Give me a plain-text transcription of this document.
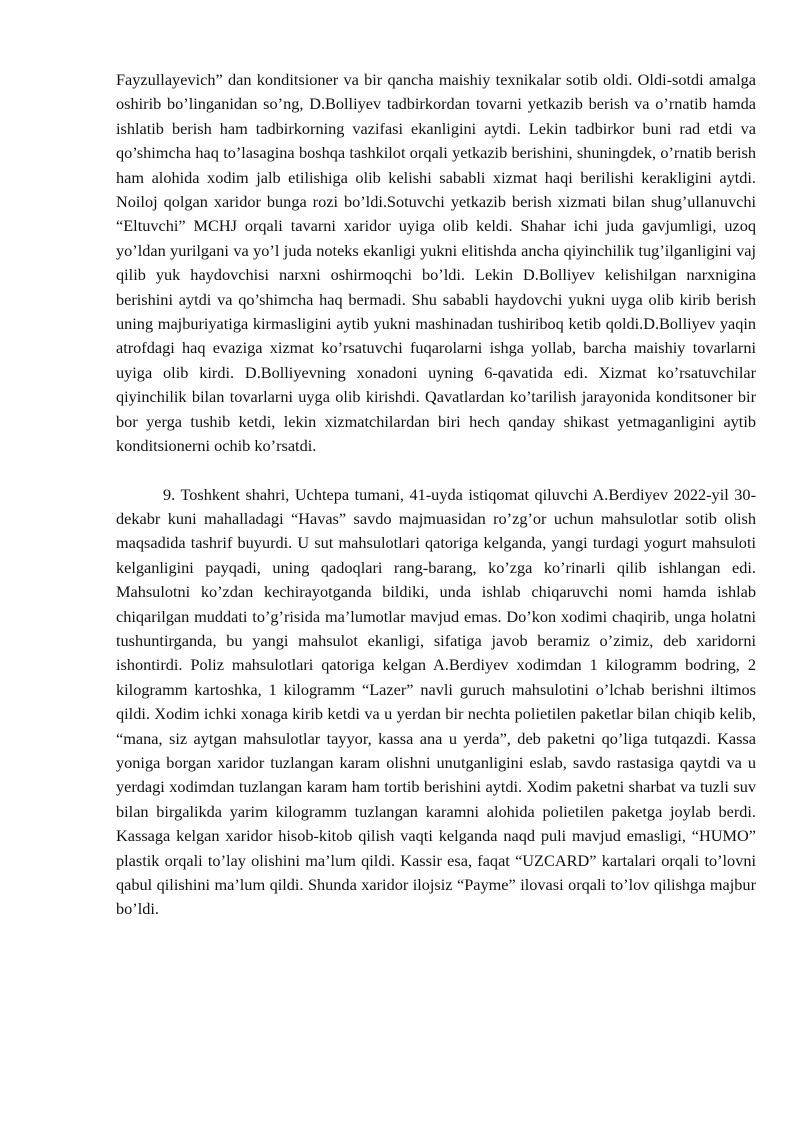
Fayzullayevich” dan konditsioner va bir qancha maishiy texnikalar sotib oldi. Oldi-sotdi amalga oshirib bo’linganidan so’ng, D.Bolliyev tadbirkordan tovarni yetkazib berish va o’rnatib hamda ishlatib berish ham tadbirkorning vazifasi ekanligini aytdi. Lekin tadbirkor buni rad etdi va qo’shimcha haq to’lasagina boshqa tashkilot orqali yetkazib berishini, shuningdek, o’rnatib berish ham alohida xodim jalb etilishiga olib kelishi sababli xizmat haqi berilishi kerakligini aytdi. Noiloj qolgan xaridor bunga rozi bo’ldi.Sotuvchi yetkazib berish xizmati bilan shug’ullanuvchi “Eltuvchi” MCHJ orqali tavarni xaridor uyiga olib keldi. Shahar ichi juda gavjumligi, uzoq yo’ldan yurilgani va yo’l juda noteks ekanligi yukni elitishda ancha qiyinchilik tug’ilganligini vaj qilib yuk haydovchisi narxni oshirmoqchi bo’ldi. Lekin D.Bolliyev kelishilgan narxnigina berishini aytdi va qo’shimcha haq bermadi. Shu sababli haydovchi yukni uyga olib kirib berish uning majburiyatiga kirmasligini aytib yukni mashinadan tushiriboq ketib qoldi.D.Bolliyev yaqin atrofdagi haq evaziga xizmat ko’rsatuvchi fuqarolarni ishga yollab, barcha maishiy tovarlarni uyiga olib kirdi. D.Bolliyevning xonadoni uyning 6-qavatida edi. Xizmat ko’rsatuvchilar qiyinchilik bilan tovarlarni uyga olib kirishdi. Qavatlardan ko’tarilish jarayonida konditsoner bir bor yerga tushib ketdi, lekin xizmatchilardan biri hech qanday shikast yetmaganligini aytib konditsionerni ochib ko’rsatdi.

9. Toshkent shahri, Uchtepa tumani, 41-uyda istiqomat qiluvchi A.Berdiyev 2022-yil 30-dekabr kuni mahalladagi “Havas” savdo majmuasidan ro’zg’or uchun mahsulotlar sotib olish maqsadida tashrif buyurdi. U sut mahsulotlari qatoriga kelganda, yangi turdagi yogurt mahsuloti kelganligini payqadi, uning qadoqlari rang-barang, ko’zga ko’rinarli qilib ishlangan edi. Mahsulotni ko’zdan kechirayotganda bildiki, unda ishlab chiqaruvchi nomi hamda ishlab chiqarilgan muddati to’g’risida ma’lumotlar mavjud emas. Do’kon xodimi chaqirib, unga holatni tushuntirganda, bu yangi mahsulot ekanligi, sifatiga javob beramiz o’zimiz, deb xaridorni ishontirdi. Poliz mahsulotlari qatoriga kelgan A.Berdiyev xodimdan 1 kilogramm bodring, 2 kilogramm kartoshka, 1 kilogramm “Lazer” navli guruch mahsulotini o’lchab berishni iltimos qildi. Xodim ichki xonaga kirib ketdi va u yerdan bir nechta polietilen paketlar bilan chiqib kelib, “mana, siz aytgan mahsulotlar tayyor, kassa ana u yerda”, deb paketni qo’liga tutqazdi. Kassa yoniga borgan xaridor tuzlangan karam olishni unutganligini eslab, savdo rastasiga qaytdi va u yerdagi xodimdan tuzlangan karam ham tortib berishini aytdi. Xodim paketni sharbat va tuzli suv bilan birgalikda yarim kilogramm tuzlangan karamni alohida polietilen paketga joylab berdi. Kassaga kelgan xaridor hisob-kitob qilish vaqti kelganda naqd puli mavjud emasligi, “HUMO” plastik orqali to’lay olishini ma’lum qildi. Kassir esa, faqat “UZCARD” kartalari orqali to’lovni qabul qilishini ma’lum qildi. Shunda xaridor ilojsiz “Payme” ilovasi orqali to’lov qilishga majbur bo’ldi.
